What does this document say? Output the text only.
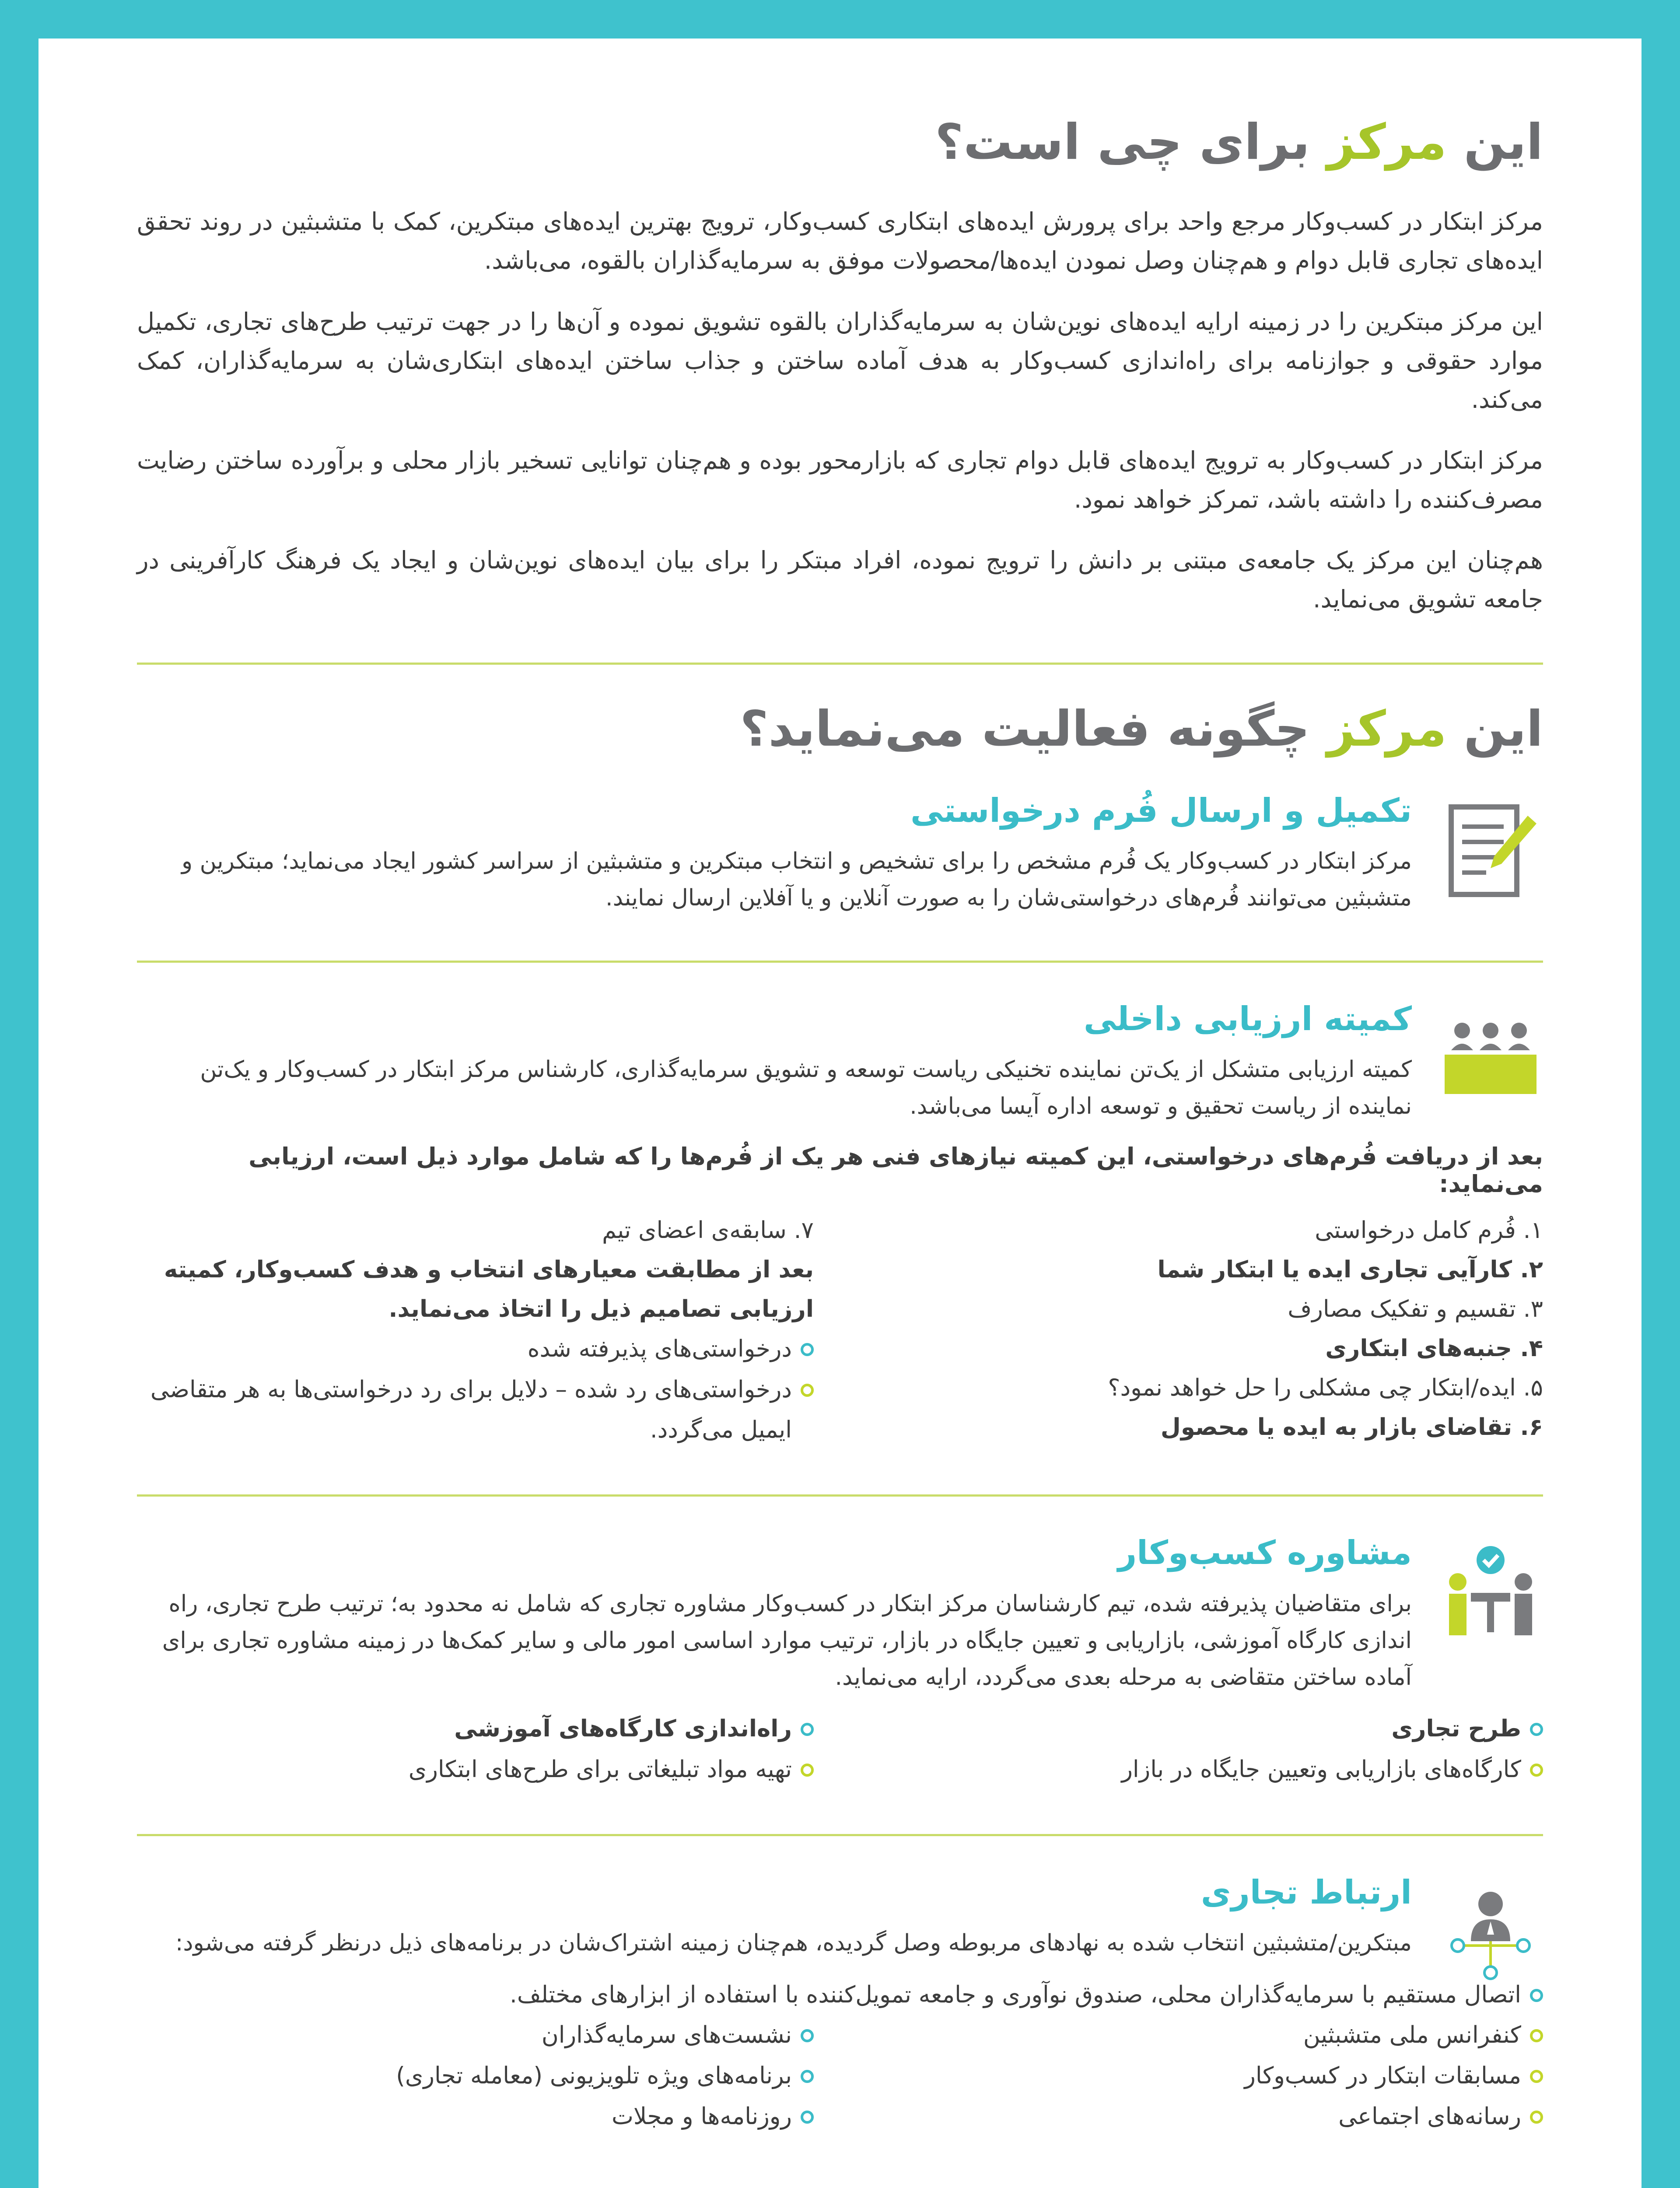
این مرکز برای چی است؟

مرکز ابتکار در کسب‌وکار مرجع واحد برای پرورش ایده‌های ابتکاری کسب‌وکار، ترویج بهترین ایده‌های مبتکرین، کمک با متشبثین در روند تحقق ایده‌های تجاری قابل دوام و هم‌چنان وصل نمودن ایده‌ها/محصولات موفق به سرمایه‌گذاران بالقوه، می‌باشد.

این مرکز مبتکرین را در زمینه ارایه ایده‌های نوین‌شان به سرمایه‌گذاران بالقوه تشویق نموده و آن‌ها را در جهت ترتیب طرح‌های تجاری، تکمیل موارد حقوقی و جوازنامه برای راه‌اندازی کسب‌وکار به هدف آماده ساختن و جذاب ساختن ایده‌های ابتکاری‌شان به سرمایه‌گذاران، کمک می‌کند.

مرکز ابتکار در کسب‌وکار به ترویج ایده‌های قابل دوام تجاری که بازارمحور بوده و هم‌چنان توانایی تسخیر بازار محلی و برآورده ساختن رضایت مصرف‌کننده را داشته باشد، تمرکز خواهد نمود.

هم‌چنان این مرکز یک جامعه‌ی مبتنی بر دانش را ترویج نموده، افراد مبتکر را برای بیان ایده‌های نوین‌شان و ایجاد یک فرهنگ کارآفرینی در جامعه تشویق می‌نماید.

این مرکز چگونه فعالیت می‌نماید؟
تکمیل و ارسال فُرم درخواستی

مرکز ابتکار در کسب‌وکار یک فُرم مشخص را برای تشخیص و انتخاب مبتکرین و متشبثین از سراسر کشور ایجاد می‌نماید؛ مبتکرین و متشبثین می‌توانند فُرم‌های درخواستی‌شان را به صورت آنلاین و یا آفلاین ارسال نمایند.

کمیته ارزیابی داخلی

کمیته ارزیابی متشکل از یک‌تن نماینده تخنیکی ریاست توسعه و تشویق سرمایه‌گذاری، کارشناس مرکز ابتکار در کسب‌وکار و یک‌تن نماینده از ریاست تحقیق و توسعه اداره آیسا می‌باشد.

بعد از دریافت فُرم‌های درخواستی، این کمیته نیازهای فنی هر یک از فُرم‌ها را که شامل موارد ذیل است، ارزیابی می‌نماید:

۱. فُرم کامل درخواستی
۲. کارآیی تجاری ایده یا ابتکار شما
۳. تقسیم و تفکیک مصارف
۴. جنبه‌های ابتکاری
۵. ایده/ابتکار چی مشکلی را حل خواهد نمود؟
۶. تقاضای بازار به ایده یا محصول
۷. سابقه‌ی اعضای تیم
بعد از مطابقت معیارهای انتخاب و هدف کسب‌وکار، کمیته ارزیابی تصامیم ذیل را اتخاذ می‌نماید.
درخواستی‌های پذیرفته شده
درخواستی‌های رد شده – دلایل برای رد درخواستی‌ها به هر متقاضی ایمیل می‌گردد.
مشاوره کسب‌وکار

برای متقاضیان پذیرفته شده، تیم کارشناسان مرکز ابتکار در کسب‌وکار مشاوره تجاری که شامل نه محدود به؛ ترتیب طرح تجاری، راه اندازی کارگاه آموزشی، بازاریابی و تعیین جایگاه در بازار، ترتیب موارد اساسی امور مالی و سایر کمک‌ها در زمینه مشاوره تجاری برای آماده ساختن متقاضی به مرحله بعدی می‌گردد، ارایه می‌نماید.

طرح تجاری
کارگاه‌های بازاریابی وتعیین جایگاه در بازار
راه‌اندازی کارگاه‌های آموزشی
تهیه مواد تبلیغاتی برای طرح‌های ابتکاری
ارتباط تجاری

مبتکرین/متشبثین انتخاب شده به نهادهای مربوطه وصل گردیده، هم‌چنان زمینه اشتراک‌شان در برنامه‌های ذیل درنظر گرفته می‌شود:

اتصال مستقیم با سرمایه‌گذاران محلی، صندوق نوآوری و جامعه تمویل‌کننده با استفاده از ابزارهای مختلف.
کنفرانس ملی متشبثین
مسابقات ابتکار در کسب‌وکار
رسانه‌های اجتماعی
نشست‌های سرمایه‌گذاران
برنامه‌های ویژه تلویزیونی (معامله تجاری)
روزنامه‌ها و مجلات
